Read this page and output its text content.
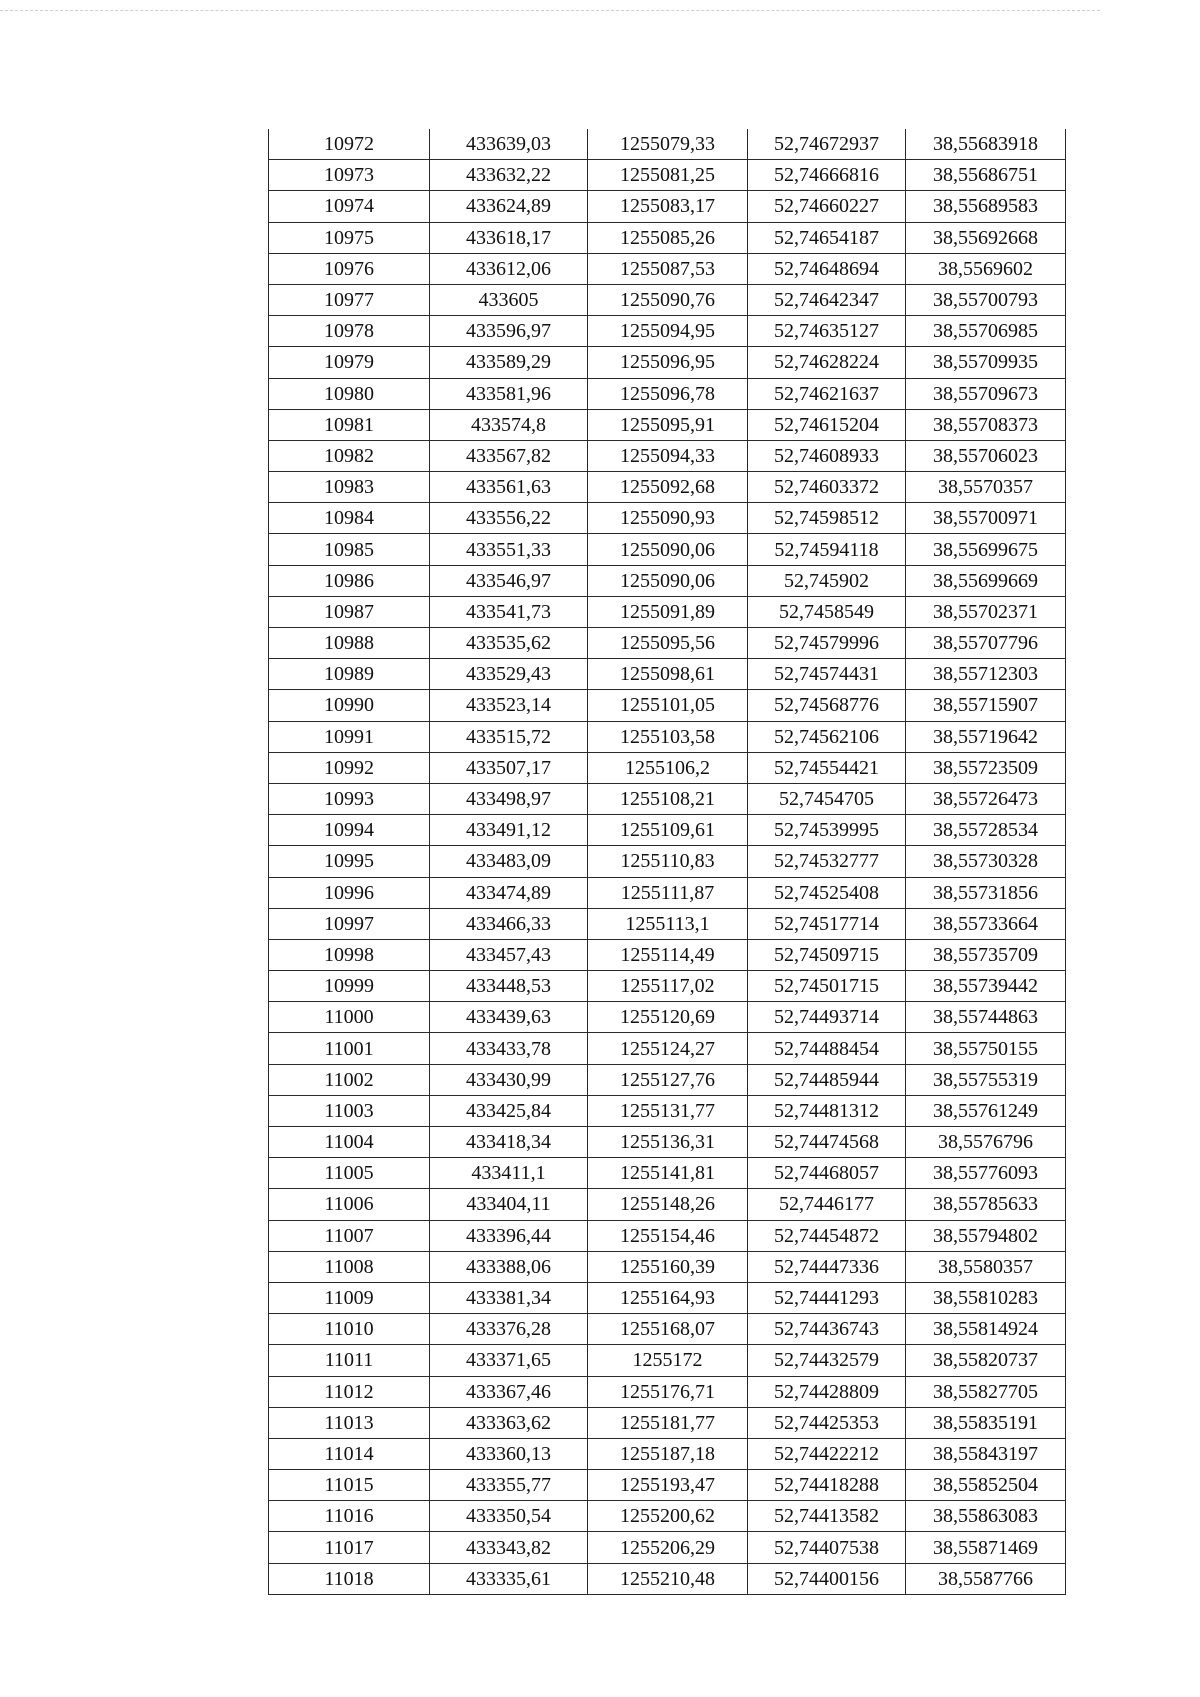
10972	433639,03	1255079,33	52,74672937	38,55683918
10973	433632,22	1255081,25	52,74666816	38,55686751
10974	433624,89	1255083,17	52,74660227	38,55689583
10975	433618,17	1255085,26	52,74654187	38,55692668
10976	433612,06	1255087,53	52,74648694	38,5569602
10977	433605	1255090,76	52,74642347	38,55700793
10978	433596,97	1255094,95	52,74635127	38,55706985
10979	433589,29	1255096,95	52,74628224	38,55709935
10980	433581,96	1255096,78	52,74621637	38,55709673
10981	433574,8	1255095,91	52,74615204	38,55708373
10982	433567,82	1255094,33	52,74608933	38,55706023
10983	433561,63	1255092,68	52,74603372	38,5570357
10984	433556,22	1255090,93	52,74598512	38,55700971
10985	433551,33	1255090,06	52,74594118	38,55699675
10986	433546,97	1255090,06	52,745902	38,55699669
10987	433541,73	1255091,89	52,7458549	38,55702371
10988	433535,62	1255095,56	52,74579996	38,55707796
10989	433529,43	1255098,61	52,74574431	38,55712303
10990	433523,14	1255101,05	52,74568776	38,55715907
10991	433515,72	1255103,58	52,74562106	38,55719642
10992	433507,17	1255106,2	52,74554421	38,55723509
10993	433498,97	1255108,21	52,7454705	38,55726473
10994	433491,12	1255109,61	52,74539995	38,55728534
10995	433483,09	1255110,83	52,74532777	38,55730328
10996	433474,89	1255111,87	52,74525408	38,55731856
10997	433466,33	1255113,1	52,74517714	38,55733664
10998	433457,43	1255114,49	52,74509715	38,55735709
10999	433448,53	1255117,02	52,74501715	38,55739442
11000	433439,63	1255120,69	52,74493714	38,55744863
11001	433433,78	1255124,27	52,74488454	38,55750155
11002	433430,99	1255127,76	52,74485944	38,55755319
11003	433425,84	1255131,77	52,74481312	38,55761249
11004	433418,34	1255136,31	52,74474568	38,5576796
11005	433411,1	1255141,81	52,74468057	38,55776093
11006	433404,11	1255148,26	52,7446177	38,55785633
11007	433396,44	1255154,46	52,74454872	38,55794802
11008	433388,06	1255160,39	52,74447336	38,5580357
11009	433381,34	1255164,93	52,74441293	38,55810283
11010	433376,28	1255168,07	52,74436743	38,55814924
11011	433371,65	1255172	52,74432579	38,55820737
11012	433367,46	1255176,71	52,74428809	38,55827705
11013	433363,62	1255181,77	52,74425353	38,55835191
11014	433360,13	1255187,18	52,74422212	38,55843197
11015	433355,77	1255193,47	52,74418288	38,55852504
11016	433350,54	1255200,62	52,74413582	38,55863083
11017	433343,82	1255206,29	52,74407538	38,55871469
11018	433335,61	1255210,48	52,74400156	38,5587766
